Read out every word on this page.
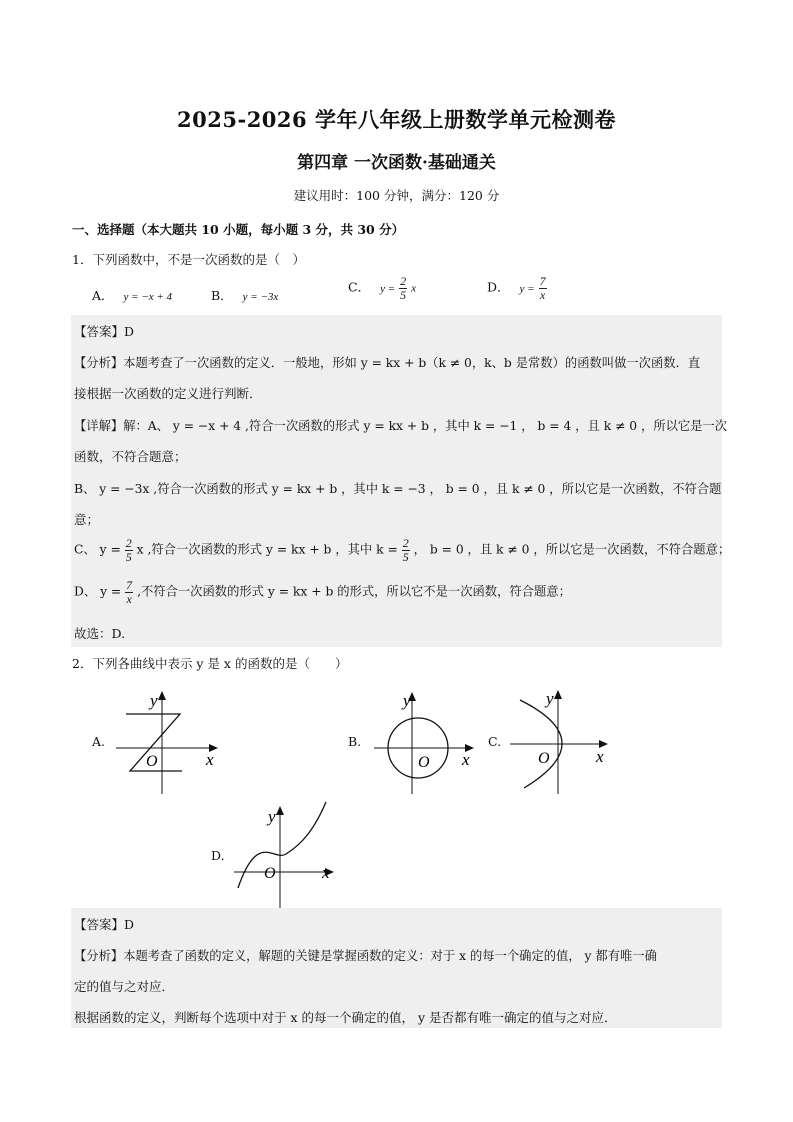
2025-2026 学年八年级上册数学单元检测卷
第四章 一次函数·基础通关
建议用时：100 分钟，满分：120 分
一、选择题（本大题共 10 小题，每小题 3 分，共 30 分）
1．下列函数中，不是一次函数的是（　）
A． y = −x + 4	B． y = −3x
C． $y = \frac{2}{5}$ x	D． $y = \frac{7}{x}$
【答案】D
【分析】本题考查了一次函数的定义．一般地，形如 y = kx + b（k ≠ 0，k、b 是常数）的函数叫做一次函数．直
接根据一次函数的定义进行判断．
【详解】解：A、 y = −x + 4 ,符合一次函数的形式 y = kx + b ，其中 k = −1 ， b = 4 ，且 k ≠ 0 ，所以它是一次
函数，不符合题意；
B、 y = −3x ,符合一次函数的形式 y = kx + b ，其中 k = −3 ， b = 0 ，且 k ≠ 0 ，所以它是一次函数，不符合题
意；
C、 $y = \frac{2}{5}$ x ,符合一次函数的形式 y = kx + b ，其中 $k = \frac{2}{5}$ ， b = 0 ，且 k ≠ 0 ，所以它是一次函数，不符合题意；
D、 $y = \frac{7}{x}$ ,不符合一次函数的形式 y = kx + b 的形式，所以它不是一次函数，符合题意；
故选：D.
2．下列各曲线中表示 y 是 x 的函数的是（　　）
A.
y
x
O
B.
y
x
O
C.
y
x
O
D.
y
x
O
【答案】D
【分析】本题考查了函数的定义，解题的关键是掌握函数的定义：对于 x 的每一个确定的值， y 都有唯一确
定的值与之对应．
根据函数的定义，判断每个选项中对于 x 的每一个确定的值， y 是否都有唯一确定的值与之对应．
